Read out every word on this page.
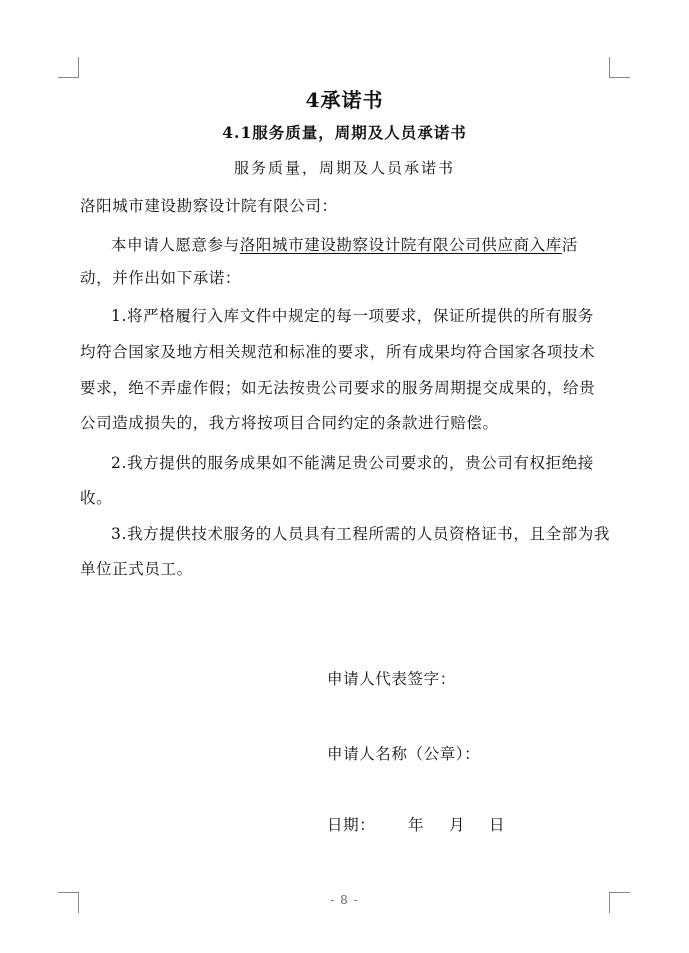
4承诺书
4.1服务质量，周期及人员承诺书
服务质量，周期及人员承诺书
洛阳城市建设勘察设计院有限公司：
本申请人愿意参与洛阳城市建设勘察设计院有限公司供应商入库活
动，并作出如下承诺：
1.将严格履行入库文件中规定的每一项要求，保证所提供的所有服务
均符合国家及地方相关规范和标准的要求，所有成果均符合国家各项技术
要求，绝不弄虚作假；如无法按贵公司要求的服务周期提交成果的，给贵
公司造成损失的，我方将按项目合同约定的条款进行赔偿。
2.我方提供的服务成果如不能满足贵公司要求的，贵公司有权拒绝接
收。
3.我方提供技术服务的人员具有工程所需的人员资格证书，且全部为我
单位正式员工。
申请人代表签字：
申请人名称（公章）：
日期： 年 月 日
- 8 -
